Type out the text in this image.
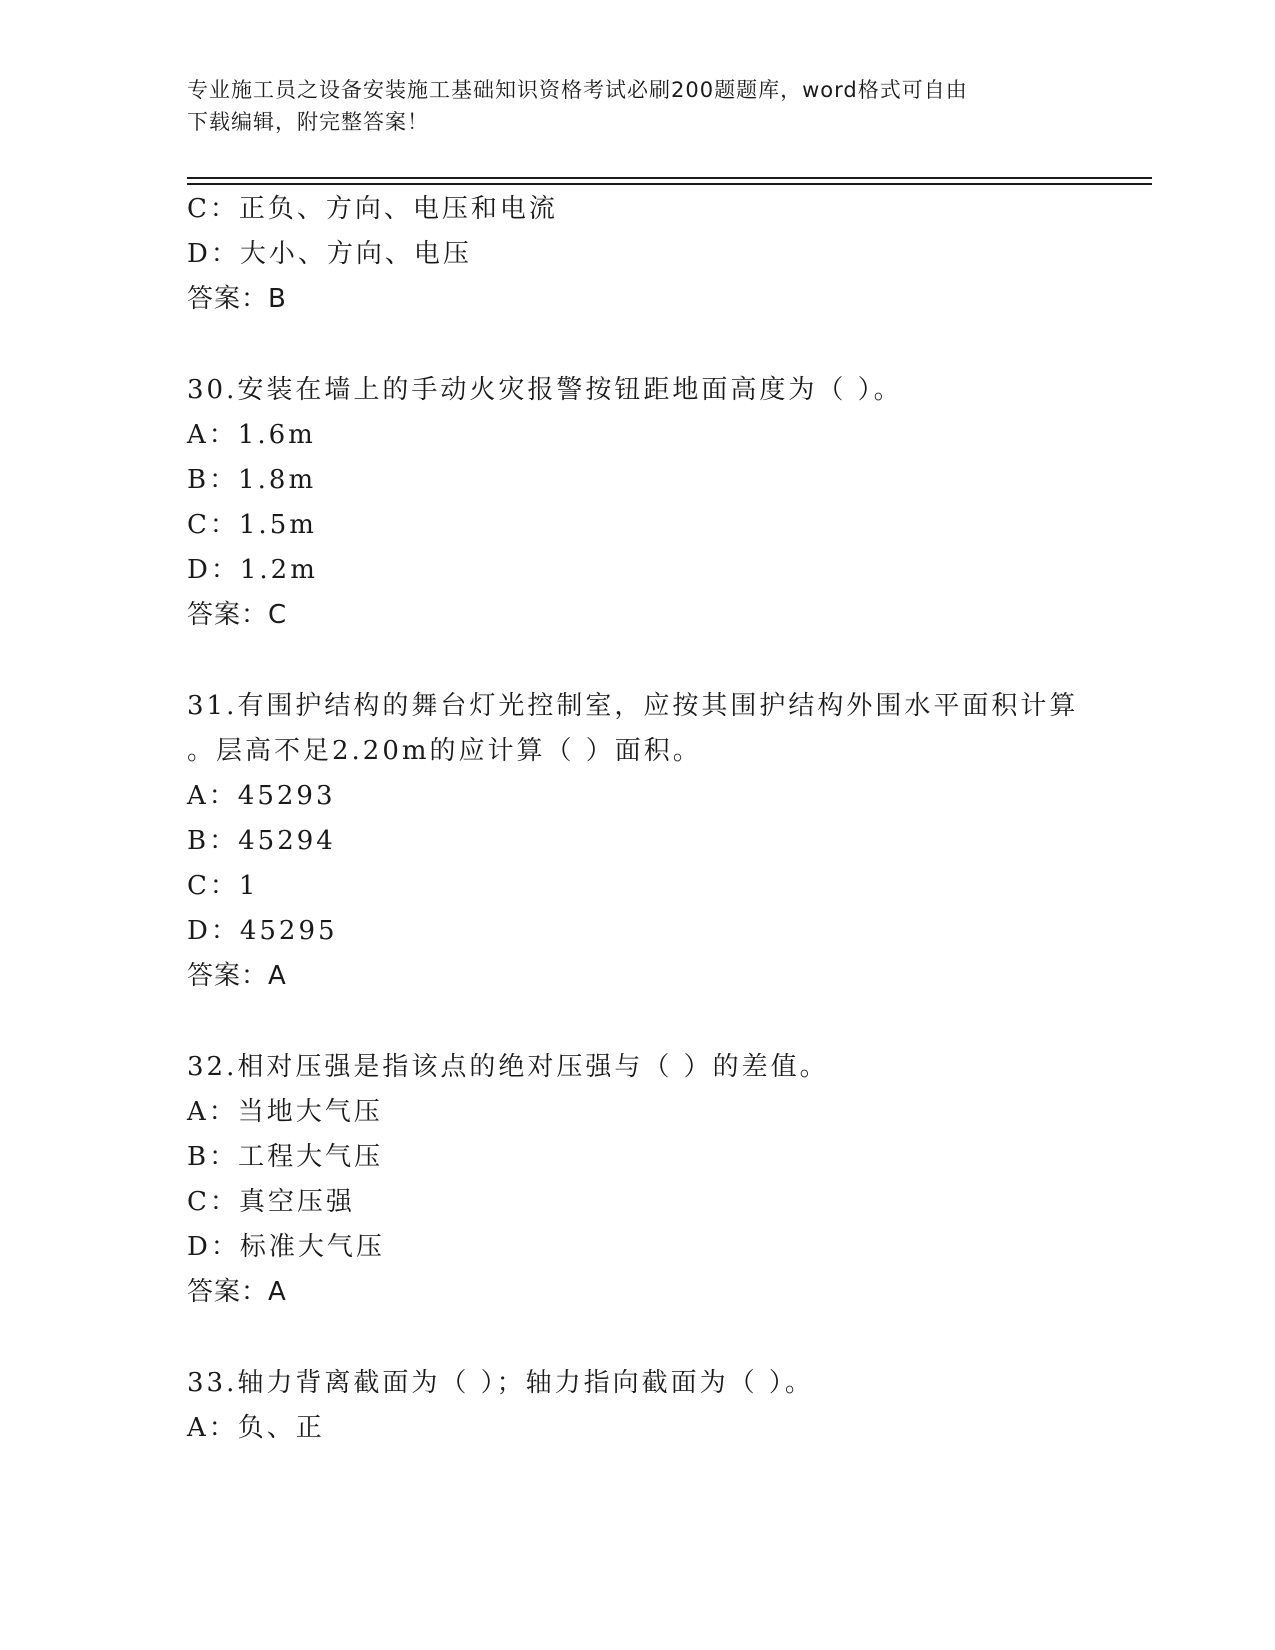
专业施工员之设备安装施工基础知识资格考试必刷200题题库，word格式可自由
下载编辑，附完整答案！
C：正负、方向、电压和电流
D：大小、方向、电压
答案：B
30.安装在墙上的手动火灾报警按钮距地面高度为（ ）。
A：1.6m
B：1.8m
C：1.5m
D：1.2m
答案：C
31.有围护结构的舞台灯光控制室，应按其围护结构外围水平面积计算
。层高不足2.20m的应计算（ ）面积。
A：45293
B：45294
C：1
D：45295
答案：A
32.相对压强是指该点的绝对压强与（ ）的差值。
A：当地大气压
B：工程大气压
C：真空压强
D：标准大气压
答案：A
33.轴力背离截面为（ ）；轴力指向截面为（ ）。
A：负、正
